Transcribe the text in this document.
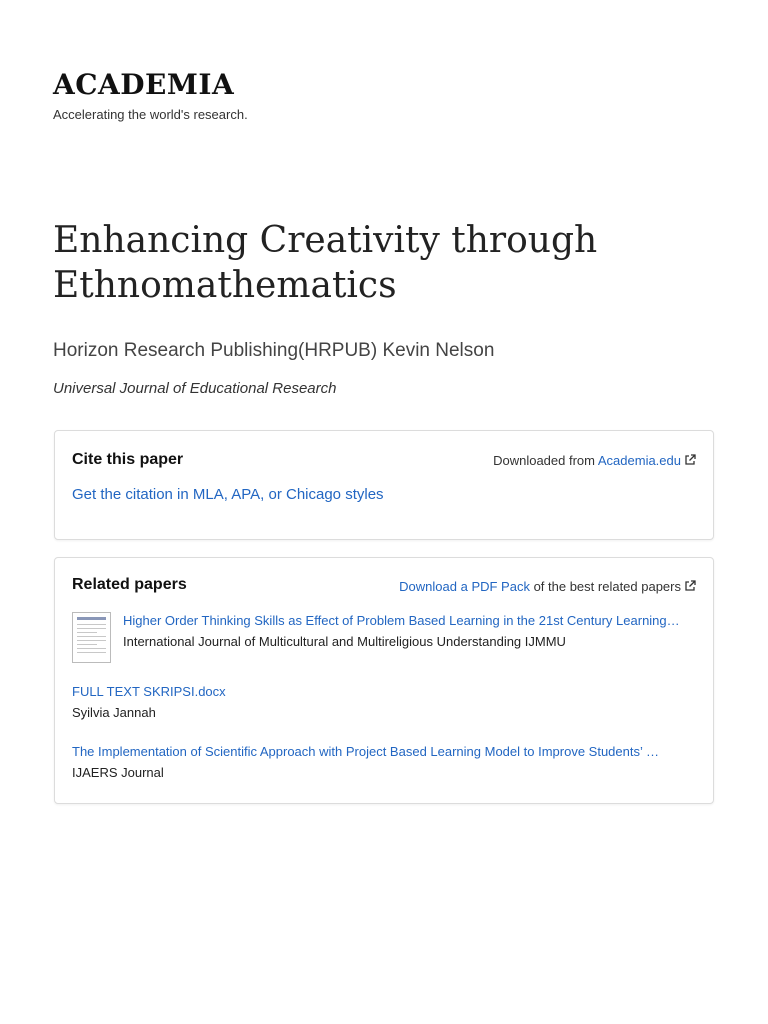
ACADEMIA
Accelerating the world's research.
Enhancing Creativity through Ethnomathematics
Horizon Research Publishing(HRPUB) Kevin Nelson
Universal Journal of Educational Research
Cite this paper	Downloaded from Academia.edu
Get the citation in MLA, APA, or Chicago styles
Related papers	Download a PDF Pack of the best related papers
Higher Order Thinking Skills as Effect of Problem Based Learning in the 21st Century Learning…
International Journal of Multicultural and Multireligious Understanding IJMMU
FULL TEXT SKRIPSI.docx
Syilvia Jannah
The Implementation of Scientific Approach with Project Based Learning Model to Improve Students’ …
IJAERS Journal
